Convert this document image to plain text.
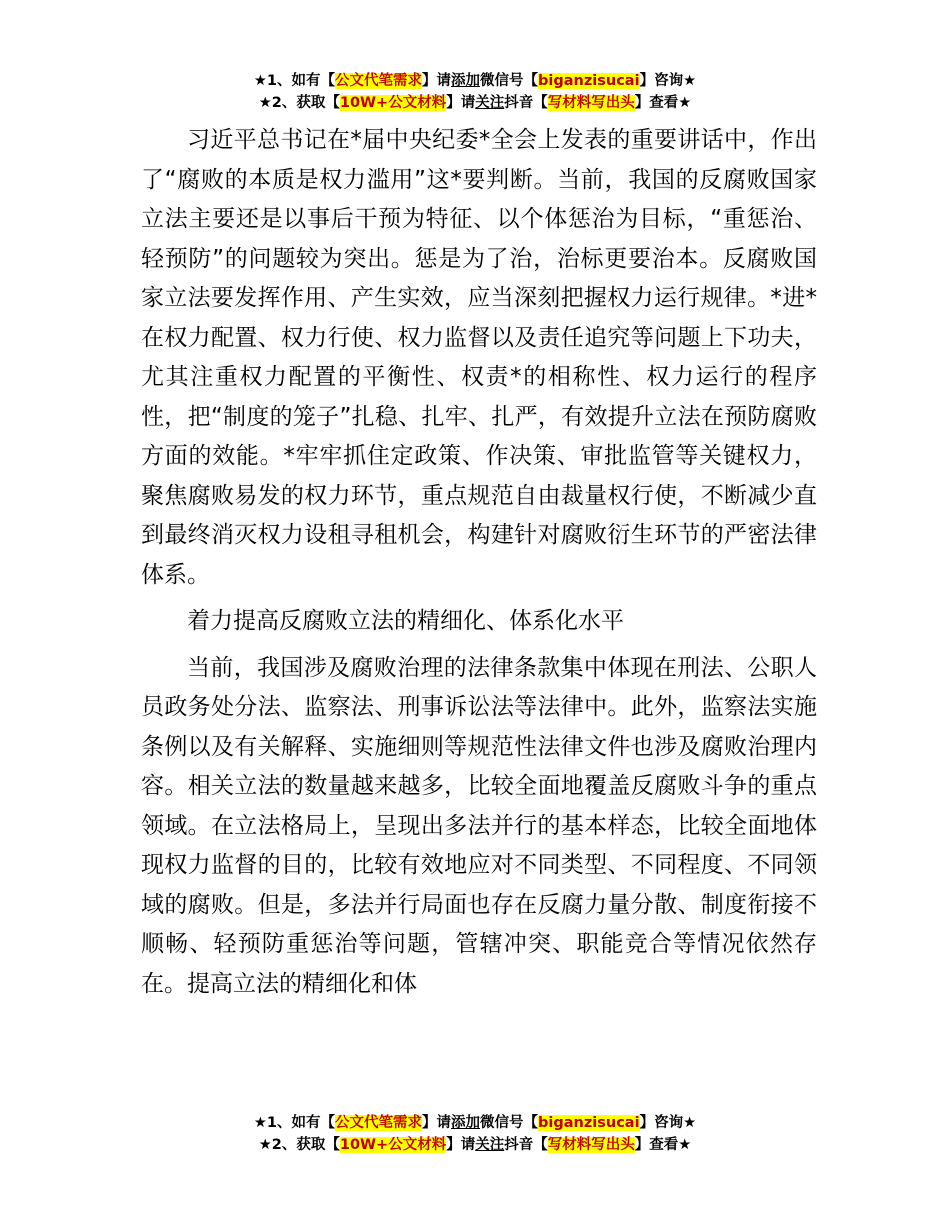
★1、如有【公文代笔需求】请添加微信号【biganzisucai】咨询★
★2、获取【10W+公文材料】请关注抖音【写材料写出头】查看★

习近平总书记在*届中央纪委*全会上发表的重要讲话中，作出了“腐败的本质是权力滥用”这*要判断。当前，我国的反腐败国家立法主要还是以事后干预为特征、以个体惩治为目标，“重惩治、轻预防”的问题较为突出。惩是为了治，治标更要治本。反腐败国家立法要发挥作用、产生实效，应当深刻把握权力运行规律。*进*在权力配置、权力行使、权力监督以及责任追究等问题上下功夫，尤其注重权力配置的平衡性、权责*的相称性、权力运行的程序性，把“制度的笼子”扎稳、扎牢、扎严，有效提升立法在预防腐败方面的效能。*牢牢抓住定政策、作决策、审批监管等关键权力，聚焦腐败易发的权力环节，重点规范自由裁量权行使，不断减少直到最终消灭权力设租寻租机会，构建针对腐败衍生环节的严密法律体系。

着力提高反腐败立法的精细化、体系化水平

当前，我国涉及腐败治理的法律条款集中体现在刑法、公职人员政务处分法、监察法、刑事诉讼法等法律中。此外，监察法实施条例以及有关解释、实施细则等规范性法律文件也涉及腐败治理内容。相关立法的数量越来越多，比较全面地覆盖反腐败斗争的重点领域。在立法格局上，呈现出多法并行的基本样态，比较全面地体现权力监督的目的，比较有效地应对不同类型、不同程度、不同领域的腐败。但是，多法并行局面也存在反腐力量分散、制度衔接不顺畅、轻预防重惩治等问题，管辖冲突、职能竞合等情况依然存在。提高立法的精细化和体

★1、如有【公文代笔需求】请添加微信号【biganzisucai】咨询★
★2、获取【10W+公文材料】请关注抖音【写材料写出头】查看★
